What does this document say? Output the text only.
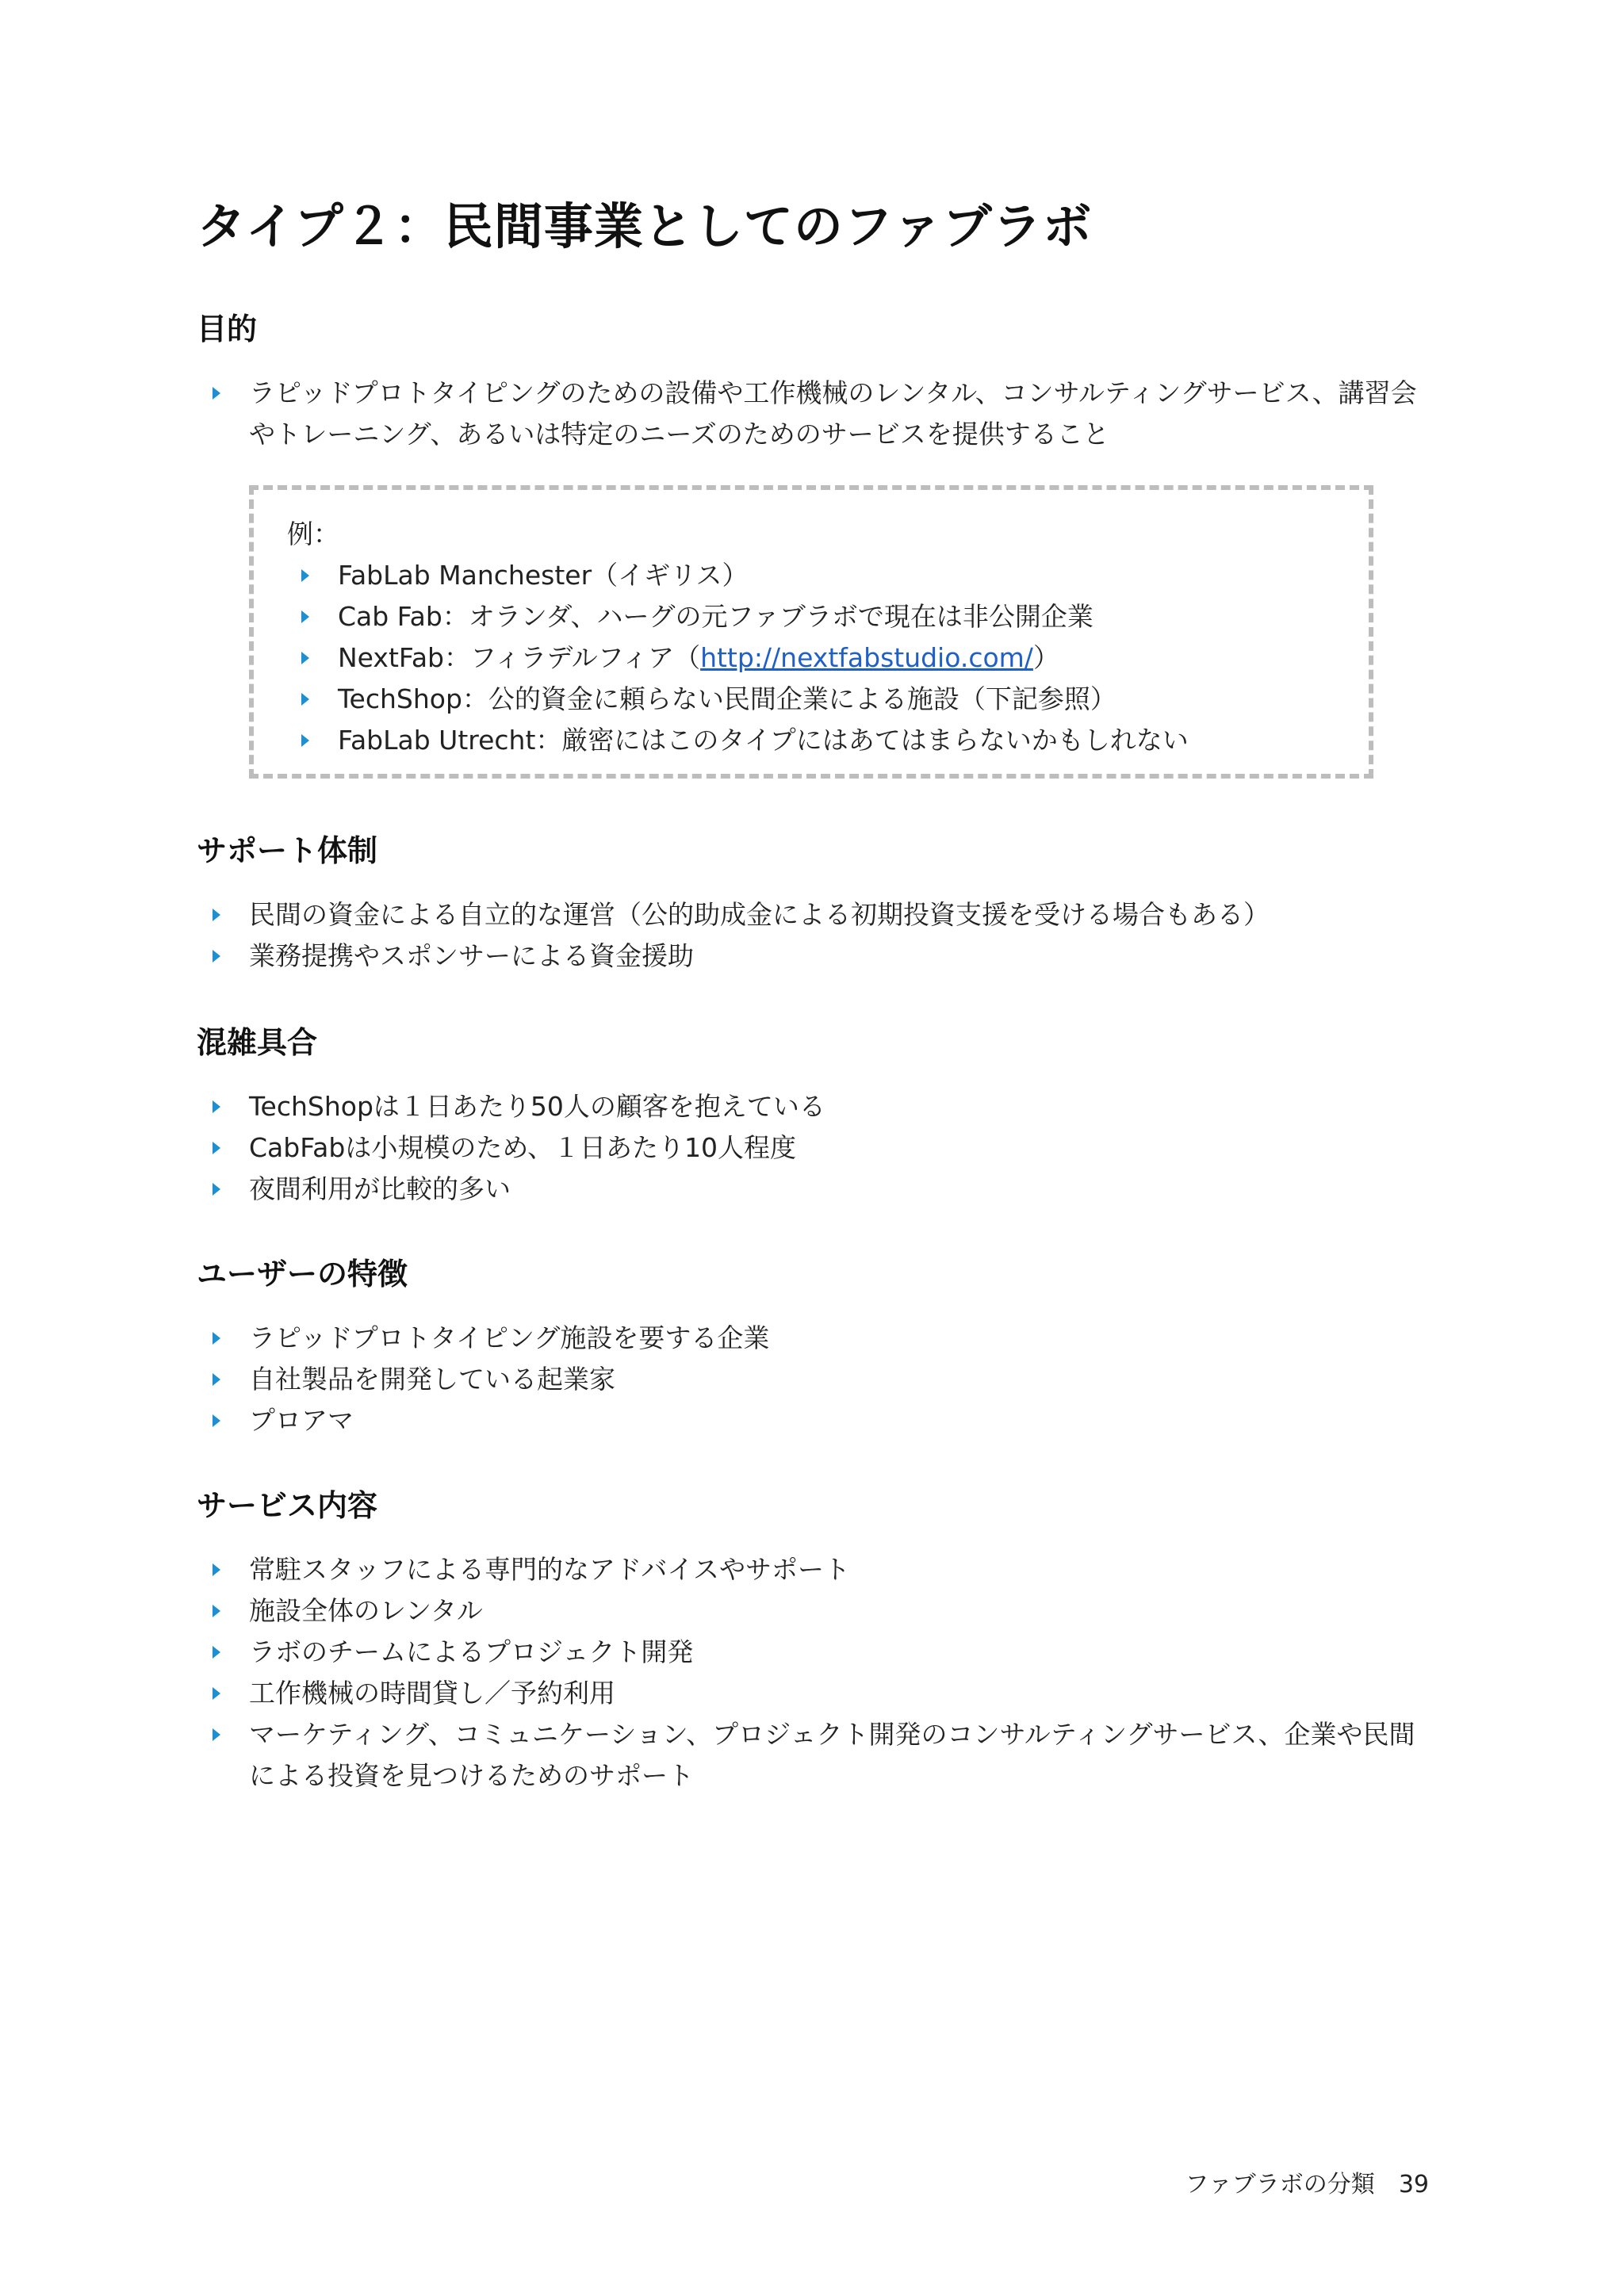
タイプ２：民間事業としてのファブラボ
目的
ラピッドプロトタイピングのための設備や工作機械のレンタル、コンサルティングサービス、講習会やトレーニング、あるいは特定のニーズのためのサービスを提供すること
例：
FabLab Manchester（イギリス）
Cab Fab：オランダ、ハーグの元ファブラボで現在は非公開企業
NextFab：フィラデルフィア（http://nextfabstudio.com/）
TechShop：公的資金に頼らない民間企業による施設（下記参照）
FabLab Utrecht：厳密にはこのタイプにはあてはまらないかもしれない
サポート体制
民間の資金による自立的な運営（公的助成金による初期投資支援を受ける場合もある）
業務提携やスポンサーによる資金援助
混雑具合
TechShopは１日あたり50人の顧客を抱えている
CabFabは小規模のため、１日あたり10人程度
夜間利用が比較的多い
ユーザーの特徴
ラピッドプロトタイピング施設を要する企業
自社製品を開発している起業家
プロアマ
サービス内容
常駐スタッフによる専門的なアドバイスやサポート
施設全体のレンタル
ラボのチームによるプロジェクト開発
工作機械の時間貸し／予約利用
マーケティング、コミュニケーション、プロジェクト開発のコンサルティングサービス、企業や民間による投資を見つけるためのサポート
ファブラボの分類 39
